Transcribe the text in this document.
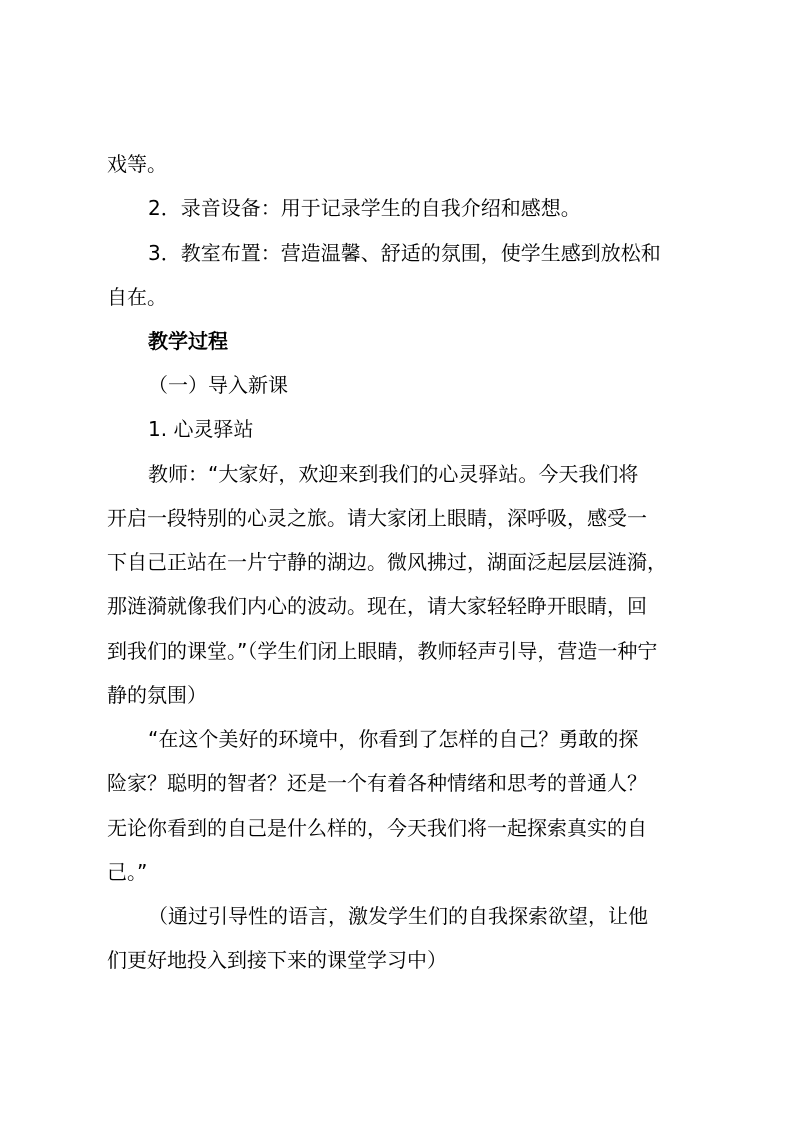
戏等。
2．录音设备：用于记录学生的自我介绍和感想。
3．教室布置：营造温馨、舒适的氛围，使学生感到放松和
自在。
教学过程
（一）导入新课
1. 心灵驿站
教师：“大家好，欢迎来到我们的心灵驿站。今天我们将
开启一段特别的心灵之旅。请大家闭上眼睛，深呼吸，感受一
下自己正站在一片宁静的湖边。微风拂过，湖面泛起层层涟漪，
那涟漪就像我们内心的波动。现在，请大家轻轻睁开眼睛，回
到我们的课堂。”（学生们闭上眼睛，教师轻声引导，营造一种宁
静的氛围）
“在这个美好的环境中，你看到了怎样的自己？勇敢的探
险家？聪明的智者？还是一个有着各种情绪和思考的普通人？
无论你看到的自己是什么样的，今天我们将一起探索真实的自
己。”
（通过引导性的语言，激发学生们的自我探索欲望，让他
们更好地投入到接下来的课堂学习中）
